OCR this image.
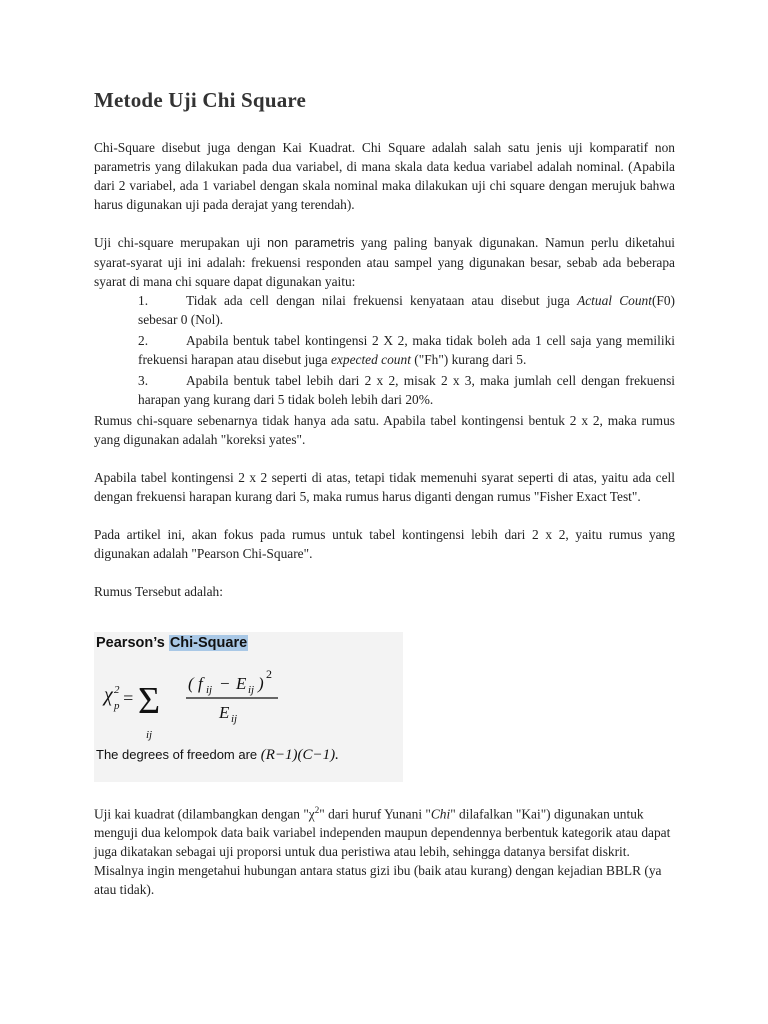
Metode Uji Chi Square

Chi-Square disebut juga dengan Kai Kuadrat. Chi Square adalah salah satu jenis uji komparatif non parametris yang dilakukan pada dua variabel, di mana skala data kedua variabel adalah nominal. (Apabila dari 2 variabel, ada 1 variabel dengan skala nominal maka dilakukan uji chi square dengan merujuk bahwa harus digunakan uji pada derajat yang terendah).

Uji chi-square merupakan uji non parametris yang paling banyak digunakan. Namun perlu diketahui syarat-syarat uji ini adalah: frekuensi responden atau sampel yang digunakan besar, sebab ada beberapa syarat di mana chi square dapat digunakan yaitu:

1.	Tidak ada cell dengan nilai frekuensi kenyataan atau disebut juga Actual Count(F0) sebesar 0 (Nol).
2.	Apabila bentuk tabel kontingensi 2 X 2, maka tidak boleh ada 1 cell saja yang memiliki frekuensi harapan atau disebut juga expected count ("Fh") kurang dari 5.
3.	Apabila bentuk tabel lebih dari 2 x 2, misak 2 x 3, maka jumlah cell dengan frekuensi harapan yang kurang dari 5 tidak boleh lebih dari 20%.

Rumus chi-square sebenarnya tidak hanya ada satu. Apabila tabel kontingensi bentuk 2 x 2, maka rumus yang digunakan adalah "koreksi yates".

Apabila tabel kontingensi 2 x 2 seperti di atas, tetapi tidak memenuhi syarat seperti di atas, yaitu ada cell dengan frekuensi harapan kurang dari 5, maka rumus harus diganti dengan rumus "Fisher Exact Test".

Pada artikel ini, akan fokus pada rumus untuk tabel kontingensi lebih dari 2 x 2, yaitu rumus yang digunakan adalah "Pearson Chi-Square".

Rumus Tersebut adalah:

Pearson’s Chi-Square
χ 2
p = Σ
ij
( f ij − E ij ) 2
E ij
The degrees of freedom are (R−1)(C−1).

Uji kai kuadrat (dilambangkan dengan "$\chi^2$" dari huruf Yunani "Chi" dilafalkan "Kai") digunakan untuk menguji dua kelompok data baik variabel independen maupun dependennya berbentuk kategorik atau dapat juga dikatakan sebagai uji proporsi untuk dua peristiwa atau lebih, sehingga datanya bersifat diskrit. Misalnya ingin mengetahui hubungan antara status gizi ibu (baik atau kurang) dengan kejadian BBLR (ya atau tidak).
